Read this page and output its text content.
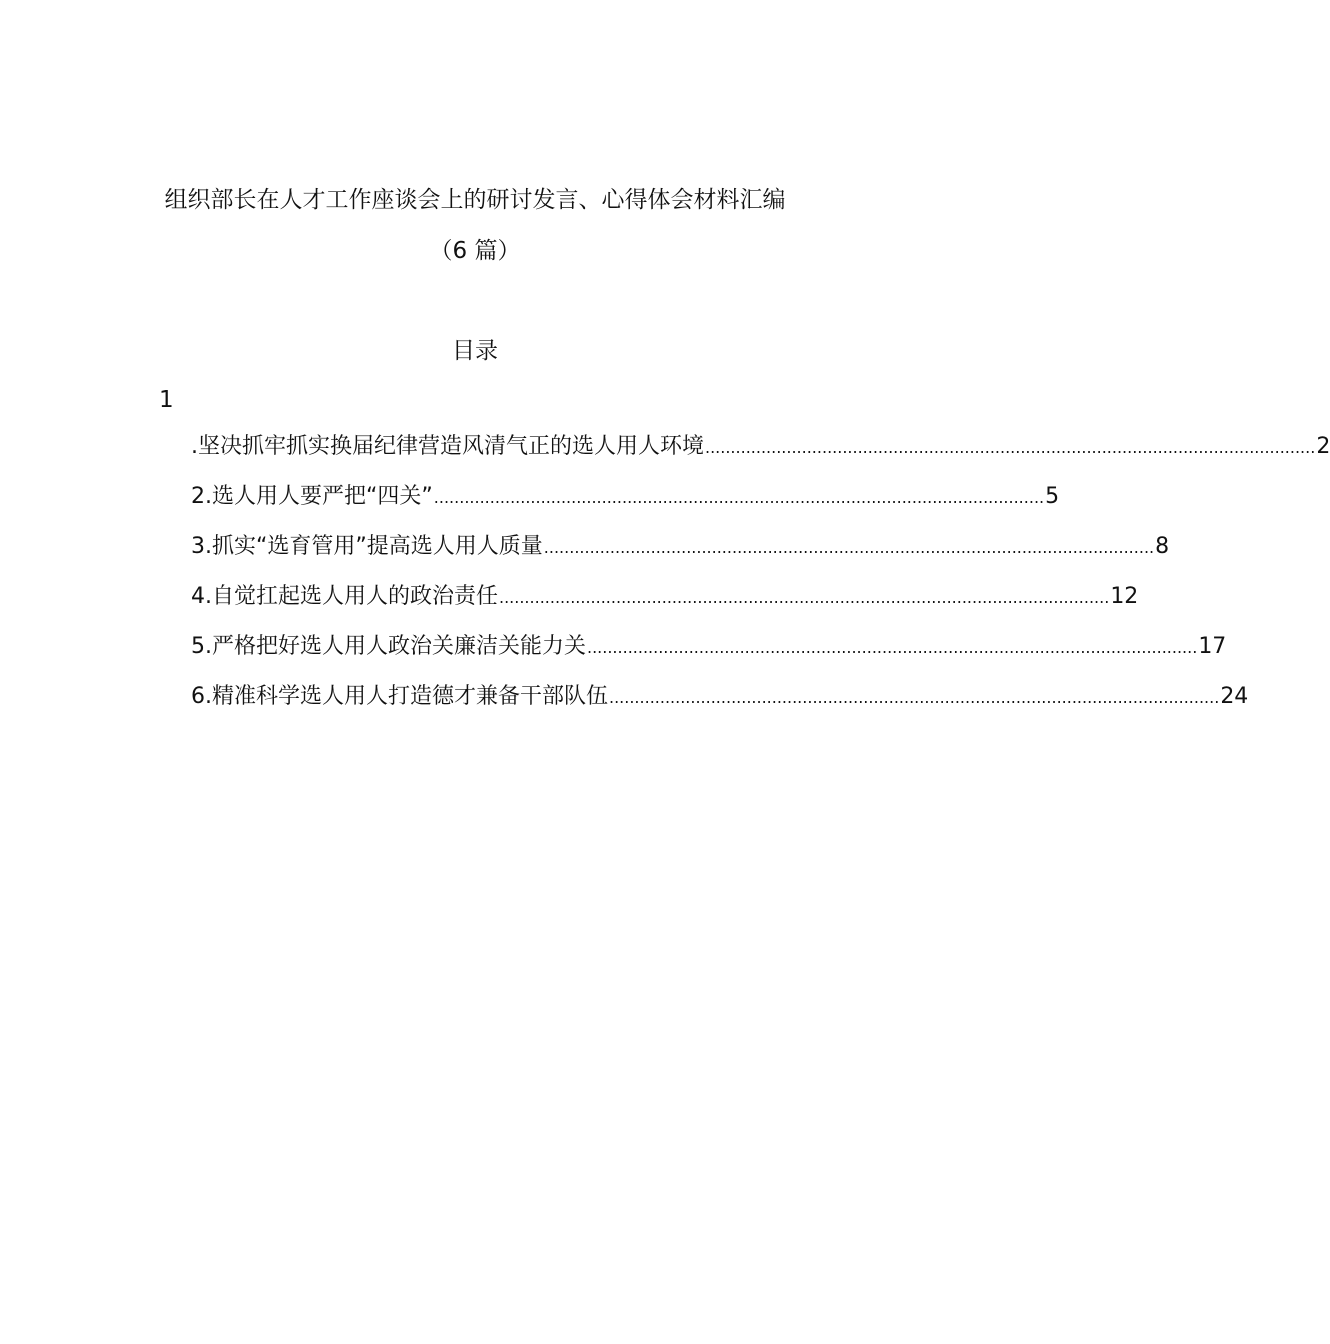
组织部长在人才工作座谈会上的研讨发言、心得体会材料汇编
（6 篇）
目录
1
.坚决抓牢抓实换届纪律营造风清气正的选人用人环境 ........................................................................................................................ 2
2.选人用人要严把“四关” ........................................................................................................................ 5
3.抓实“选育管用”提高选人用人质量 ........................................................................................................................ 8
4.自觉扛起选人用人的政治责任 ........................................................................................................................ 12
5.严格把好选人用人政治关廉洁关能力关 ........................................................................................................................ 17
6.精准科学选人用人打造德才兼备干部队伍 ........................................................................................................................ 24
